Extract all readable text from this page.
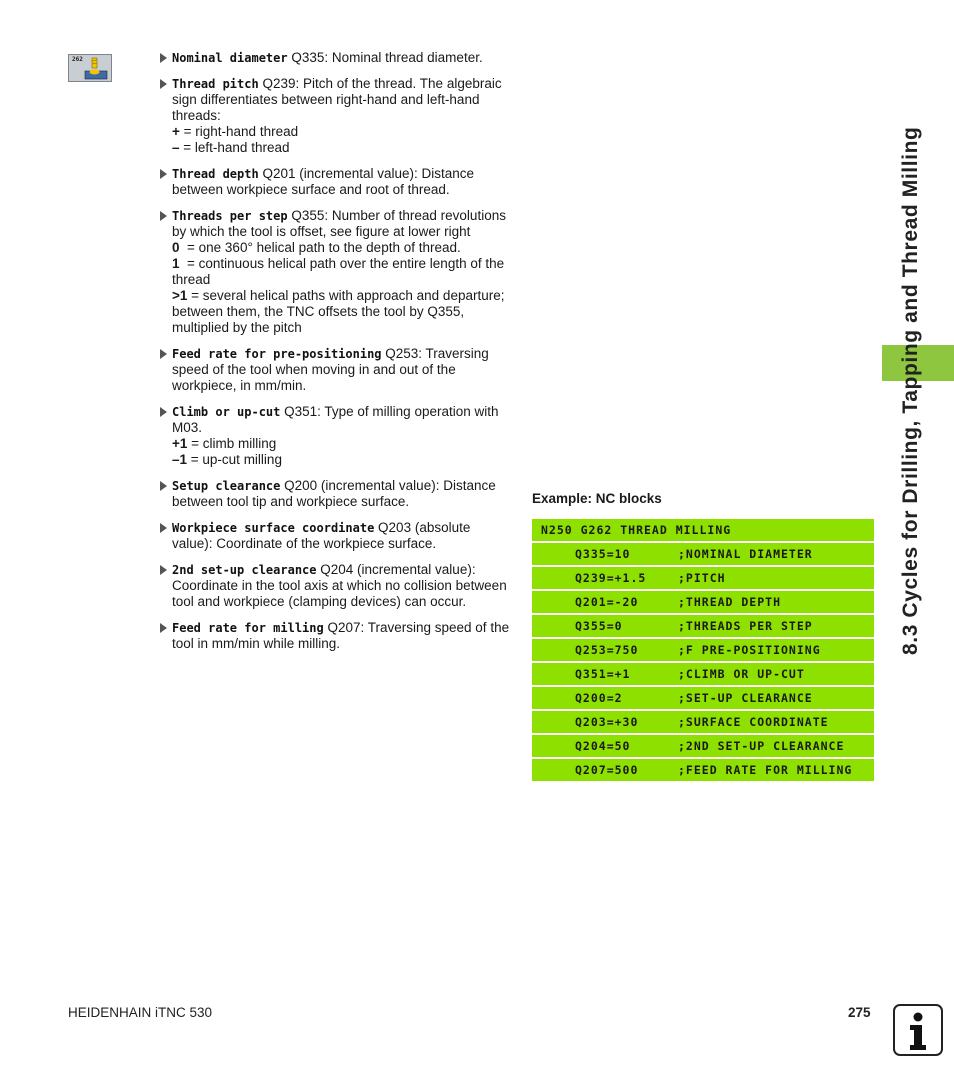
262	Nominal diameter Q335: Nominal thread diameter.
Thread pitch Q239: Pitch of the thread. The algebraic sign differentiates between right-hand and left-hand threads:
+ = right-hand thread
– = left-hand thread
Thread depth Q201 (incremental value): Distance between workpiece surface and root of thread.
Threads per step Q355: Number of thread revolutions by which the tool is offset, see figure at lower right
0  = one 360° helical path to the depth of thread.
1  = continuous helical path over the entire length of the thread
>1 = several helical paths with approach and departure; between them, the TNC offsets the tool by Q355, multiplied by the pitch
Feed rate for pre-positioning Q253: Traversing speed of the tool when moving in and out of the workpiece, in mm/min.
Climb or up-cut Q351: Type of milling operation with M03.
+1 = climb milling
–1 = up-cut milling
Setup clearance Q200 (incremental value): Distance between tool tip and workpiece surface.
Workpiece surface coordinate Q203 (absolute value): Coordinate of the workpiece surface.
2nd set-up clearance Q204 (incremental value): Coordinate in the tool axis at which no collision between tool and workpiece (clamping devices) can occur.
Feed rate for milling Q207: Traversing speed of the tool in mm/min while milling.
Example: NC blocks
N250 G262 THREAD MILLING
Q335=10	;NOMINAL DIAMETER
Q239=+1.5	;PITCH
Q201=-20	;THREAD DEPTH
Q355=0	;THREADS PER STEP
Q253=750	;F PRE-POSITIONING
Q351=+1	;CLIMB OR UP-CUT
Q200=2	;SET-UP CLEARANCE
Q203=+30	;SURFACE COORDINATE
Q204=50	;2ND SET-UP CLEARANCE
Q207=500	;FEED RATE FOR MILLING
8.3 Cycles for Drilling, Tapping and Thread Milling
HEIDENHAIN iTNC 530	275
